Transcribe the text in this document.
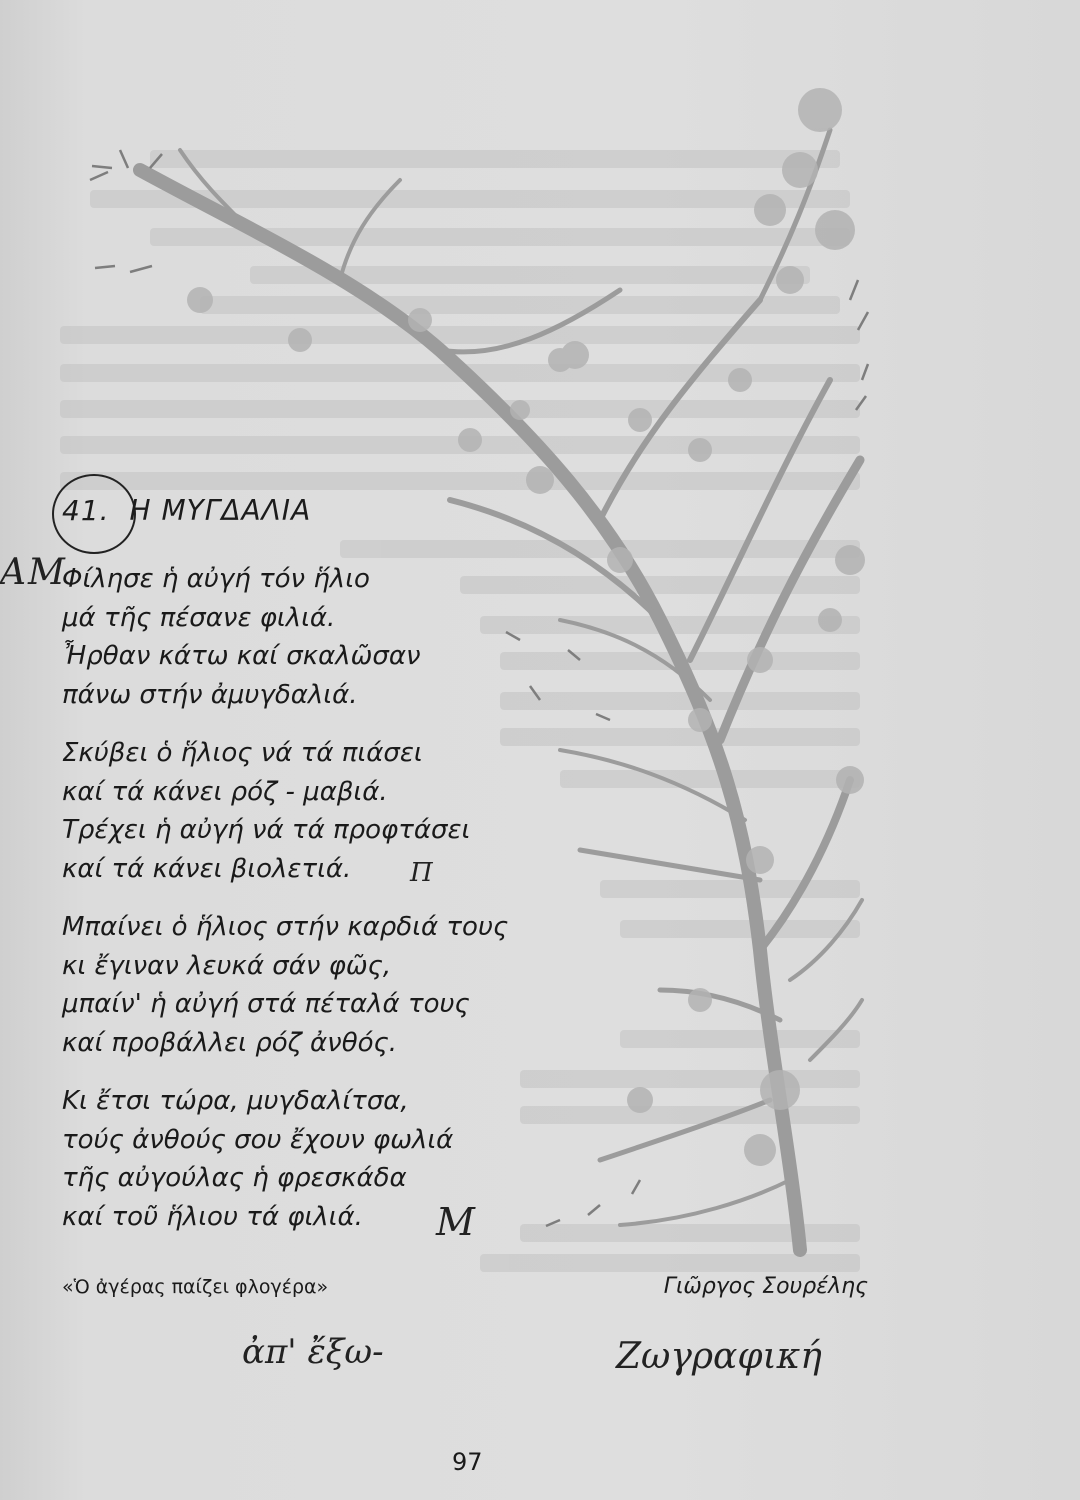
41. Η ΜΥΓΔΑΛΙΑ
ΑΜ
Φίλησε ἡ αὐγή τόν ἥλιο
μά τῆς πέσανε φιλιά.
Ἦρθαν κάτω καί σκαλῶσαν
πάνω στήν ἀμυγδαλιά.
Σκύβει ὁ ἥλιος νά τά πιάσει
καί τά κάνει ρόζ - μαβιά.
Τρέχει ἡ αὐγή νά τά προφτάσει
καί τά κάνει βιολετιά.
Μπαίνει ὁ ἥλιος στήν καρδιά τους
κι ἔγιναν λευκά σάν φῶς,
μπαίν' ἡ αὐγή στά πέταλά τους
καί προβάλλει ρόζ ἀνθός.
Κι ἔτσι τώρα, μυγδαλίτσα,
τούς ἀνθούς σου ἔχουν φωλιά
τῆς αὐγούλας ἡ φρεσκάδα
καί τοῦ ἥλιου τά φιλιά.
Π
Μ
«Ὁ ἀγέρας παίζει φλογέρα»	Γιῶργος Σουρέλης
ἀπ' ἔξω-	Ζωγραφική
97
